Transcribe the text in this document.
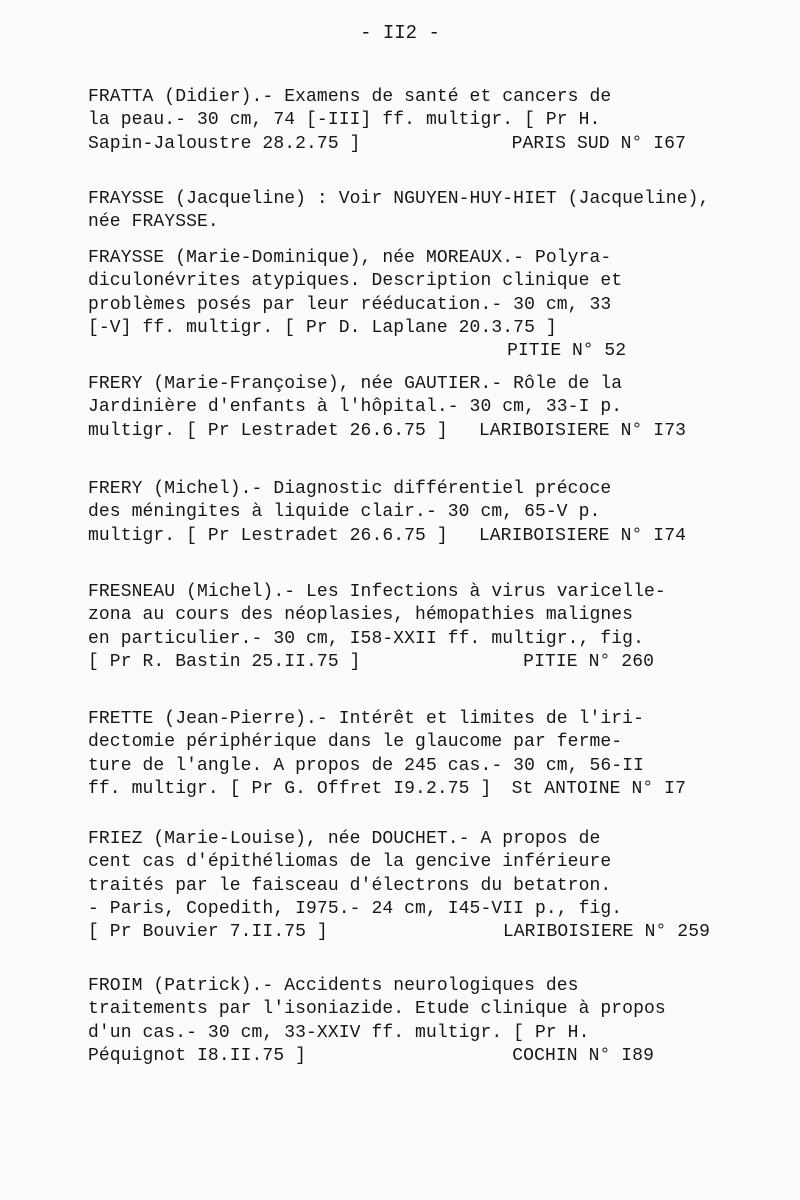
- II2 -
FRATTA (Didier).- Examens de santé et cancers de
la peau.- 30 cm, 74 [-III] ff. multigr. [ Pr H.
Sapin-Jaloustre 28.2.75 ]	PARIS SUD N° I67
FRAYSSE (Jacqueline) : Voir NGUYEN-HUY-HIET (Jacqueline),
née FRAYSSE.
FRAYSSE (Marie-Dominique), née MOREAUX.- Polyra-
diculonévrites atypiques. Description clinique et
problèmes posés par leur rééducation.- 30 cm, 33
[-V] ff. multigr. [ Pr D. Laplane 20.3.75 ]
PITIE N° 52
FRERY (Marie-Françoise), née GAUTIER.- Rôle de la
Jardinière d'enfants à l'hôpital.- 30 cm, 33-I p.
multigr. [ Pr Lestradet 26.6.75 ] LARIBOISIERE N° I73
FRERY (Michel).- Diagnostic différentiel précoce
des méningites à liquide clair.- 30 cm, 65-V p.
multigr. [ Pr Lestradet 26.6.75 ] LARIBOISIERE N° I74
FRESNEAU (Michel).- Les Infections à virus varicelle-
zona au cours des néoplasies, hémopathies malignes
en particulier.- 30 cm, I58-XXII ff. multigr., fig.
[ Pr R. Bastin 25.II.75 ]	PITIE N° 260
FRETTE (Jean-Pierre).- Intérêt et limites de l'iri-
dectomie périphérique dans le glaucome par ferme-
ture de l'angle. A propos de 245 cas.- 30 cm, 56-II
ff. multigr. [ Pr G. Offret I9.2.75 ] St ANTOINE N° I7
FRIEZ (Marie-Louise), née DOUCHET.- A propos de
cent cas d'épithéliomas de la gencive inférieure
traités par le faisceau d'électrons du betatron.
- Paris, Copedith, I975.- 24 cm, I45-VII p., fig.
[ Pr Bouvier 7.II.75 ]	LARIBOISIERE N° 259
FROIM (Patrick).- Accidents neurologiques des
traitements par l'isoniazide. Etude clinique à propos
d'un cas.- 30 cm, 33-XXIV ff. multigr. [ Pr H.
Péquignot I8.II.75 ]	COCHIN N° I89
